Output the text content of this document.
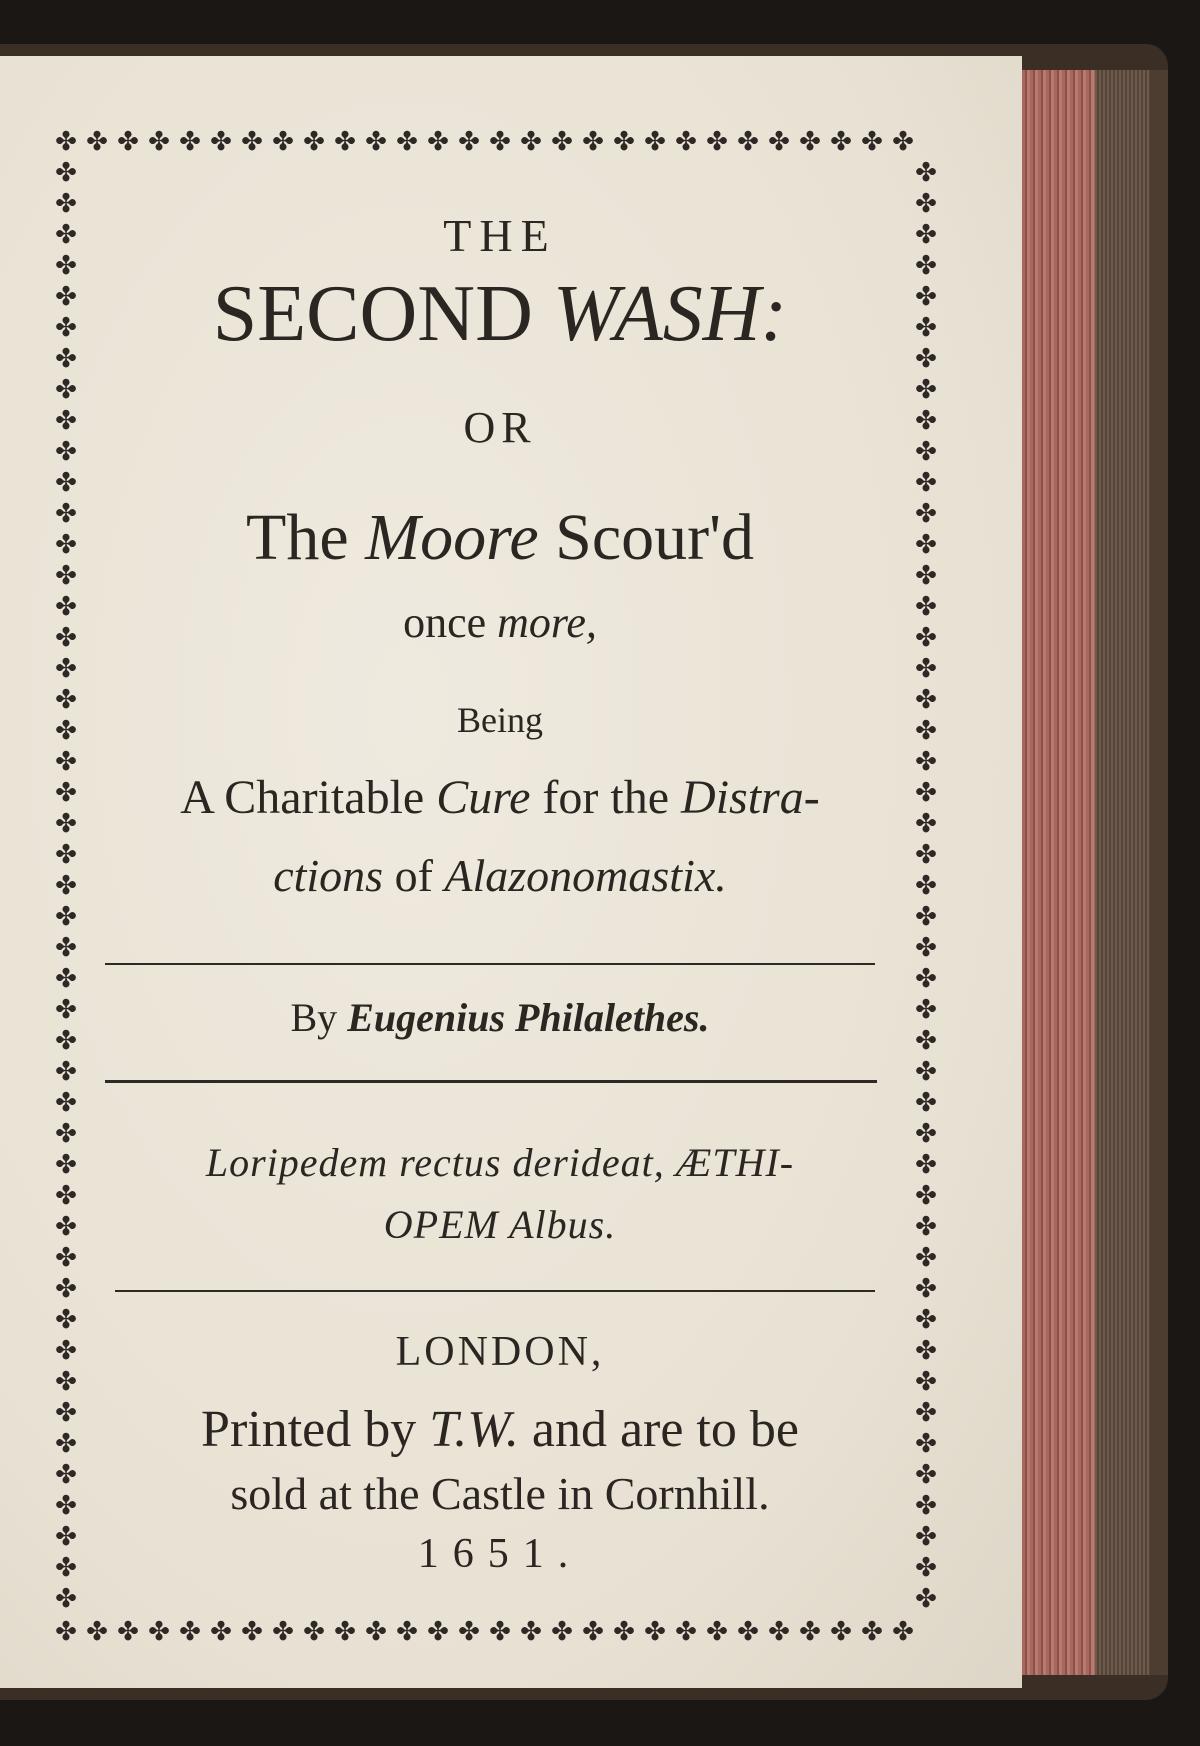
✤
✤
✤
✤
✤
✤
✤
✤
✤
✤
✤
✤
✤
✤
✤
✤
✤
✤
✤
✤
✤
✤
✤
✤
✤
✤
✤
✤
✤
✤
✤
✤
✤
✤
✤
✤
✤
✤
✤
✤
✤
✤
✤
✤
✤
✤
✤
✤
✤
✤
✤
✤
✤
✤
✤
✤
✤	✤
✤	✤
✤	✤
✤	✤
✤	✤
✤	✤
✤	✤
✤	✤
✤	✤
✤	✤
✤	✤
✤	✤
✤	✤
✤	✤
✤	✤
✤	✤
✤	✤
✤	✤
✤	✤
✤	✤
✤	✤
✤	✤
✤	✤
✤	✤
✤	✤
✤	✤
✤	✤
✤	✤
✤	✤
✤	✤
✤	✤
✤	✤
✤	✤
✤	✤
✤	✤
✤	✤
✤	✤
✤	✤
✤	✤
✤	✤
✤	✤
✤	✤
✤	✤
✤	✤
✤	✤
✤	✤
✤	✤
THE
SECOND WASH:
OR
The Moore Scour'd
once more,
Being
A Charitable Cure for the Distra-
ctions of Alazonomastix.
By Eugenius Philalethes.
Loripedem rectus derideat, ÆTHI-
OPEM Albus.
LONDON,
Printed by T.W. and are to be
sold at the Castle in Cornhill.
1651.
